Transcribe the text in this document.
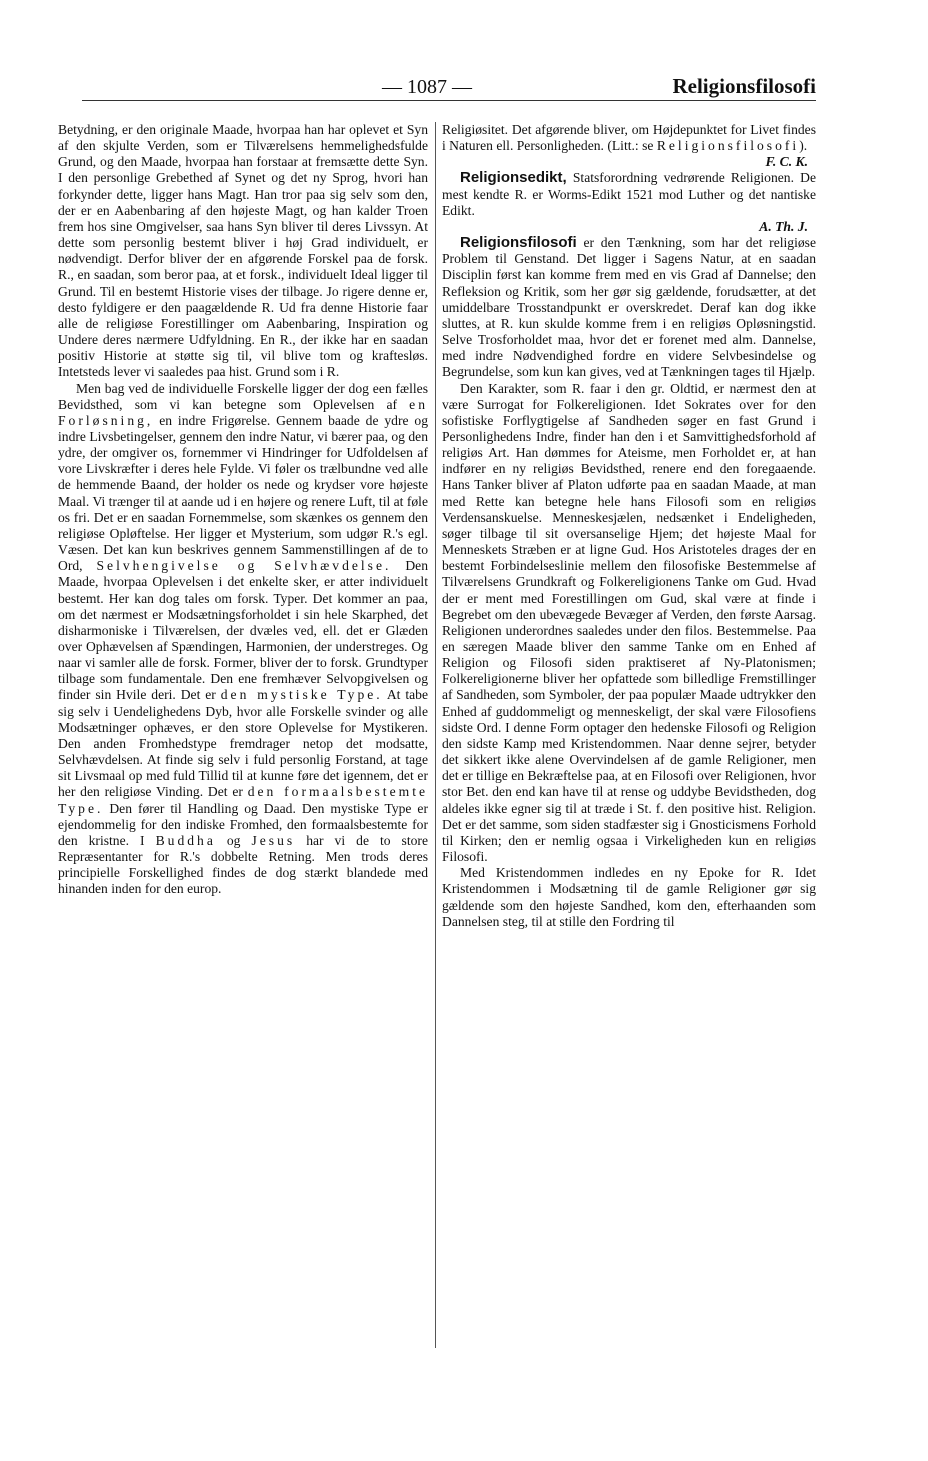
— 1087 —	Religionsfilosofi

Betydning, er den originale Maade, hvorpaa han har oplevet et Syn af den skjulte Verden, som er Tilværelsens hemmelighedsfulde Grund, og den Maade, hvorpaa han forstaar at fremsætte dette Syn. I den personlige Grebethed af Synet og det ny Sprog, hvori han forkynder dette, ligger hans Magt. Han tror paa sig selv som den, der er en Aabenbaring af den højeste Magt, og han kalder Troen frem hos sine Omgivelser, saa hans Syn bliver til deres Livssyn. At dette som personlig bestemt bliver i høj Grad individuelt, er nødvendigt. Derfor bliver der en afgørende Forskel paa de forsk. R., en saadan, som beror paa, at et forsk., individuelt Ideal ligger til Grund. Til en bestemt Historie vises der tilbage. Jo rigere denne er, desto fyldigere er den paagældende R. Ud fra denne Historie faar alle de religiøse Forestillinger om Aabenbaring, Inspiration og Undere deres nærmere Udfyldning. En R., der ikke har en saadan positiv Historie at støtte sig til, vil blive tom og kraftesløs. Intetsteds lever vi saaledes paa hist. Grund som i R.

Men bag ved de individuelle Forskelle ligger der dog een fælles Bevidsthed, som vi kan betegne som Oplevelsen af en Forløsning, en indre Frigørelse. Gennem baade de ydre og indre Livsbetingelser, gennem den indre Natur, vi bærer paa, og den ydre, der omgiver os, fornemmer vi Hindringer for Udfoldelsen af vore Livskræfter i deres hele Fylde. Vi føler os trælbundne ved alle de hemmende Baand, der holder os nede og krydser vore højeste Maal. Vi trænger til at aande ud i en højere og renere Luft, til at føle os fri. Det er en saadan Fornemmelse, som skænkes os gennem den religiøse Opløftelse. Her ligger et Mysterium, som udgør R.'s egl. Væsen. Det kan kun beskrives gennem Sammenstillingen af de to Ord, Selvhengivelse og Selvhævdelse. Den Maade, hvorpaa Oplevelsen i det enkelte sker, er atter individuelt bestemt. Her kan dog tales om forsk. Typer. Det kommer an paa, om det nærmest er Modsætningsforholdet i sin hele Skarphed, det disharmoniske i Tilværelsen, der dvæles ved, ell. det er Glæden over Ophævelsen af Spændingen, Harmonien, der understreges. Og naar vi samler alle de forsk. Former, bliver der to forsk. Grundtyper tilbage som fundamentale. Den ene fremhæver Selvopgivelsen og finder sin Hvile deri. Det er den mystiske Type. At tabe sig selv i Uendelighedens Dyb, hvor alle Forskelle svinder og alle Modsætninger ophæves, er den store Oplevelse for Mystikeren. Den anden Fromhedstype fremdrager netop det modsatte, Selvhævdelsen. At finde sig selv i fuld personlig Forstand, at tage sit Livsmaal op med fuld Tillid til at kunne føre det igennem, det er her den religiøse Vinding. Det er den formaalsbestemte Type. Den fører til Handling og Daad. Den mystiske Type er ejendommelig for den indiske Fromhed, den formaalsbestemte for den kristne. I Buddha og Jesus har vi de to store Repræsentanter for R.'s dobbelte Retning. Men trods deres principielle Forskellighed findes de dog stærkt blandede med hinanden inden for den europ.

Religiøsitet. Det afgørende bliver, om Højdepunktet for Livet findes i Naturen ell. Personligheden. (Litt.: se Religionsfilosofi).

F. C. K.

Religionsedikt, Statsforordning vedrørende Religionen. De mest kendte R. er Worms-Edikt 1521 mod Luther og det nantiske Edikt.

A. Th. J.

Religionsfilosofi er den Tænkning, som har det religiøse Problem til Genstand. Det ligger i Sagens Natur, at en saadan Disciplin først kan komme frem med en vis Grad af Dannelse; den Refleksion og Kritik, som her gør sig gældende, forudsætter, at det umiddelbare Trosstandpunkt er overskredet. Deraf kan dog ikke sluttes, at R. kun skulde komme frem i en religiøs Opløsningstid. Selve Trosforholdet maa, hvor det er forenet med alm. Dannelse, med indre Nødvendighed fordre en videre Selvbesindelse og Begrundelse, som kun kan gives, ved at Tænkningen tages til Hjælp.

Den Karakter, som R. faar i den gr. Oldtid, er nærmest den at være Surrogat for Folkereligionen. Idet Sokrates over for den sofistiske Forflygtigelse af Sandheden søger en fast Grund i Personlighedens Indre, finder han den i et Samvittighedsforhold af religiøs Art. Han dømmes for Ateisme, men Forholdet er, at han indfører en ny religiøs Bevidsthed, renere end den foregaaende. Hans Tanker bliver af Platon udførte paa en saadan Maade, at man med Rette kan betegne hele hans Filosofi som en religiøs Verdensanskuelse. Menneskesjælen, nedsænket i Endeligheden, søger tilbage til sit oversanselige Hjem; det højeste Maal for Menneskets Stræben er at ligne Gud. Hos Aristoteles drages der en bestemt Forbindelseslinie mellem den filosofiske Bestemmelse af Tilværelsens Grundkraft og Folkereligionens Tanke om Gud. Hvad der er ment med Forestillingen om Gud, skal være at finde i Begrebet om den ubevægede Bevæger af Verden, den første Aarsag. Religionen underordnes saaledes under den filos. Bestemmelse. Paa en særegen Maade bliver den samme Tanke om en Enhed af Religion og Filosofi siden praktiseret af Ny-Platonismen; Folkereligionerne bliver her opfattede som billedlige Fremstillinger af Sandheden, som Symboler, der paa populær Maade udtrykker den Enhed af guddommeligt og menneskeligt, der skal være Filosofiens sidste Ord. I denne Form optager den hedenske Filosofi og Religion den sidste Kamp med Kristendommen. Naar denne sejrer, betyder det sikkert ikke alene Overvindelsen af de gamle Religioner, men det er tillige en Bekræftelse paa, at en Filosofi over Religionen, hvor stor Bet. den end kan have til at rense og uddybe Bevidstheden, dog aldeles ikke egner sig til at træde i St. f. den positive hist. Religion. Det er det samme, som siden stadfæster sig i Gnosticismens Forhold til Kirken; den er nemlig ogsaa i Virkeligheden kun en religiøs Filosofi.

Med Kristendommen indledes en ny Epoke for R. Idet Kristendommen i Modsætning til de gamle Religioner gør sig gældende som den højeste Sandhed, kom den, efterhaanden som Dannelsen steg, til at stille den Fordring til
